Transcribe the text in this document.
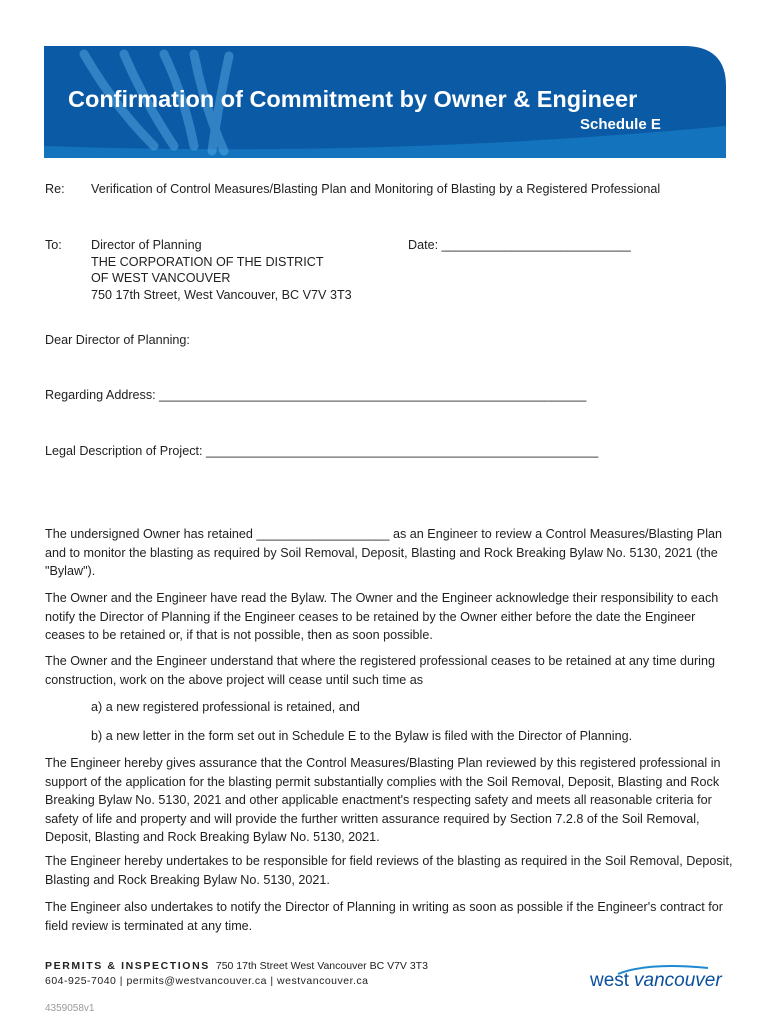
Confirmation of Commitment by Owner & Engineer
Schedule E
Re: Verification of Control Measures/Blasting Plan and Monitoring of Blasting by a Registered Professional
To: Director of Planning
THE CORPORATION OF THE DISTRICT
OF WEST VANCOUVER
750 17th Street, West Vancouver, BC V7V 3T3
Date: ___________________________
Dear Director of Planning:
Regarding Address: _____________________________________________________________
Legal Description of Project: ________________________________________________________

The undersigned Owner has retained ___________________ as an Engineer to review a Control Measures/Blasting Plan and to monitor the blasting as required by Soil Removal, Deposit, Blasting and Rock Breaking Bylaw No. 5130, 2021 (the "Bylaw").

The Owner and the Engineer have read the Bylaw. The Owner and the Engineer acknowledge their responsibility to each notify the Director of Planning if the Engineer ceases to be retained by the Owner either before the date the Engineer ceases to be retained or, if that is not possible, then as soon possible.

The Owner and the Engineer understand that where the registered professional ceases to be retained at any time during construction, work on the above project will cease until such time as

a) a new registered professional is retained, and

b) a new letter in the form set out in Schedule E to the Bylaw is filed with the Director of Planning.

The Engineer hereby gives assurance that the Control Measures/Blasting Plan reviewed by this registered professional in support of the application for the blasting permit substantially complies with the Soil Removal, Deposit, Blasting and Rock Breaking Bylaw No. 5130, 2021 and other applicable enactment's respecting safety and meets all reasonable criteria for safety of life and property and will provide the further written assurance required by Section 7.2.8 of the Soil Removal, Deposit, Blasting and Rock Breaking Bylaw No. 5130, 2021.

The Engineer hereby undertakes to be responsible for field reviews of the blasting as required in the Soil Removal, Deposit, Blasting and Rock Breaking Bylaw No. 5130, 2021.

The Engineer also undertakes to notify the Director of Planning in writing as soon as possible if the Engineer's contract for field review is terminated at any time.

PERMITS & INSPECTIONS 750 17th Street West Vancouver BC V7V 3T3
604-925-7040 | permits@westvancouver.ca | westvancouver.ca	west vancouver
4359058v1
